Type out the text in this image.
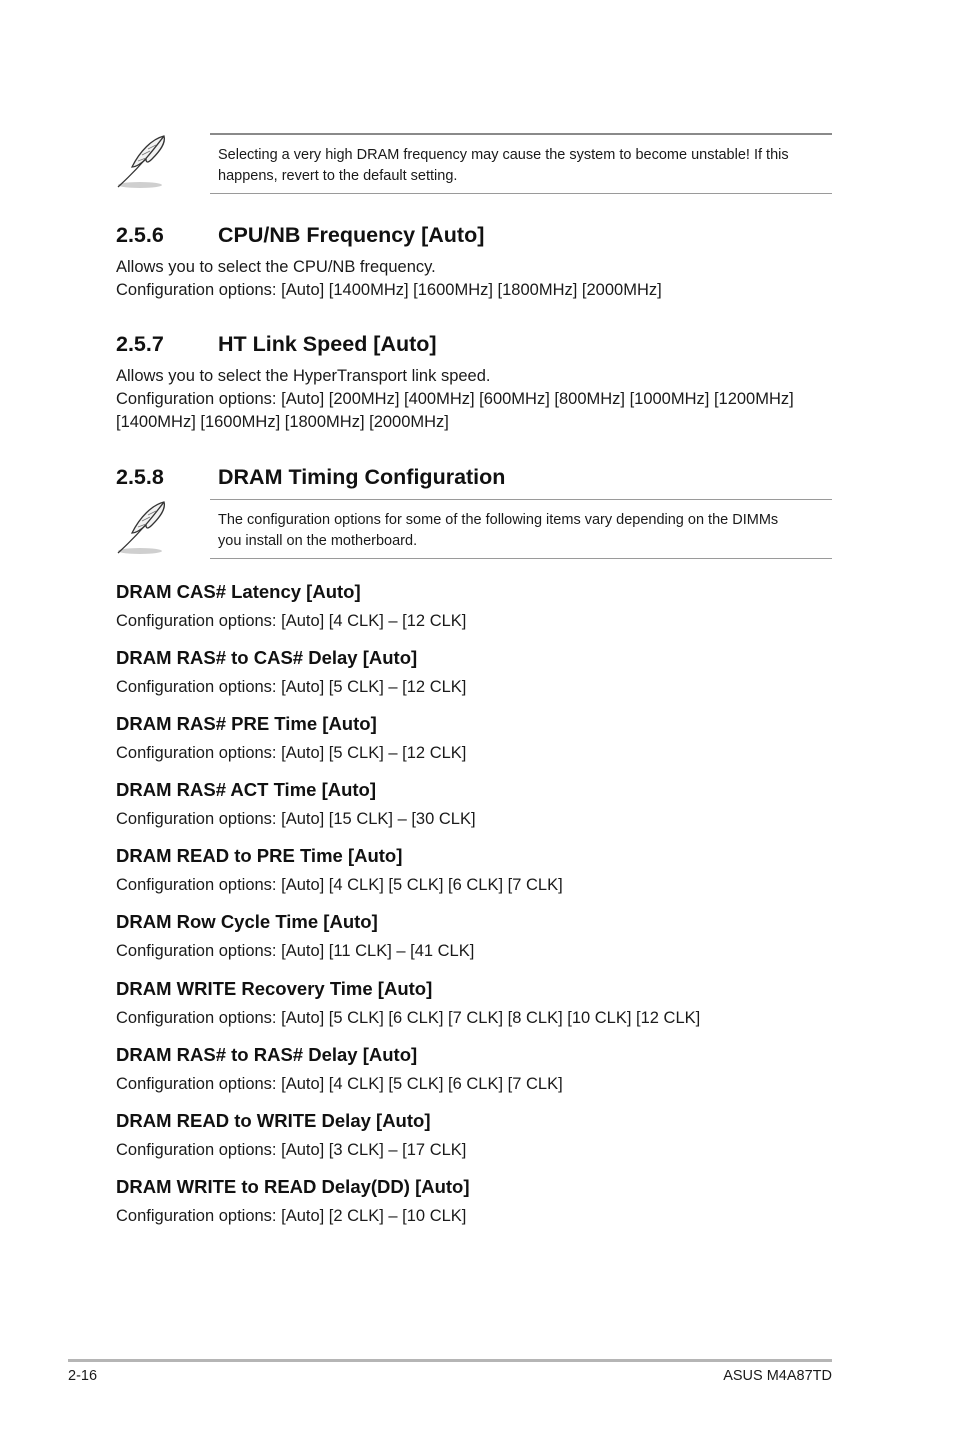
Selecting a very high DRAM frequency may cause the system to become unstable! If this
happens, revert to the default setting.
2.5.6	CPU/NB Frequency [Auto]
Allows you to select the CPU/NB frequency.
Configuration options: [Auto] [1400MHz] [1600MHz] [1800MHz] [2000MHz]
2.5.7	HT Link Speed [Auto]
Allows you to select the HyperTransport link speed.
Configuration options: [Auto] [200MHz] [400MHz] [600MHz] [800MHz] [1000MHz] [1200MHz]
[1400MHz] [1600MHz] [1800MHz] [2000MHz]
2.5.8	DRAM Timing Configuration
The configuration options for some of the following items vary depending on the DIMMs
you install on the motherboard.
DRAM CAS# Latency [Auto]
Configuration options: [Auto] [4 CLK] – [12 CLK]
DRAM RAS# to CAS# Delay [Auto]
Configuration options: [Auto] [5 CLK] – [12 CLK]
DRAM RAS# PRE Time [Auto]
Configuration options: [Auto] [5 CLK] – [12 CLK]
DRAM RAS# ACT Time [Auto]
Configuration options: [Auto] [15 CLK] – [30 CLK]
DRAM READ to PRE Time [Auto]
Configuration options: [Auto] [4 CLK] [5 CLK] [6 CLK] [7 CLK]
DRAM Row Cycle Time [Auto]
Configuration options: [Auto] [11 CLK] – [41 CLK]
DRAM WRITE Recovery Time [Auto]
Configuration options: [Auto] [5 CLK] [6 CLK] [7 CLK] [8 CLK] [10 CLK] [12 CLK]
DRAM RAS# to RAS# Delay [Auto]
Configuration options: [Auto] [4 CLK] [5 CLK] [6 CLK] [7 CLK]
DRAM READ to WRITE Delay [Auto]
Configuration options: [Auto] [3 CLK] – [17 CLK]
DRAM WRITE to READ Delay(DD) [Auto]
Configuration options: [Auto] [2 CLK] – [10 CLK]
2-16	ASUS M4A87TD
